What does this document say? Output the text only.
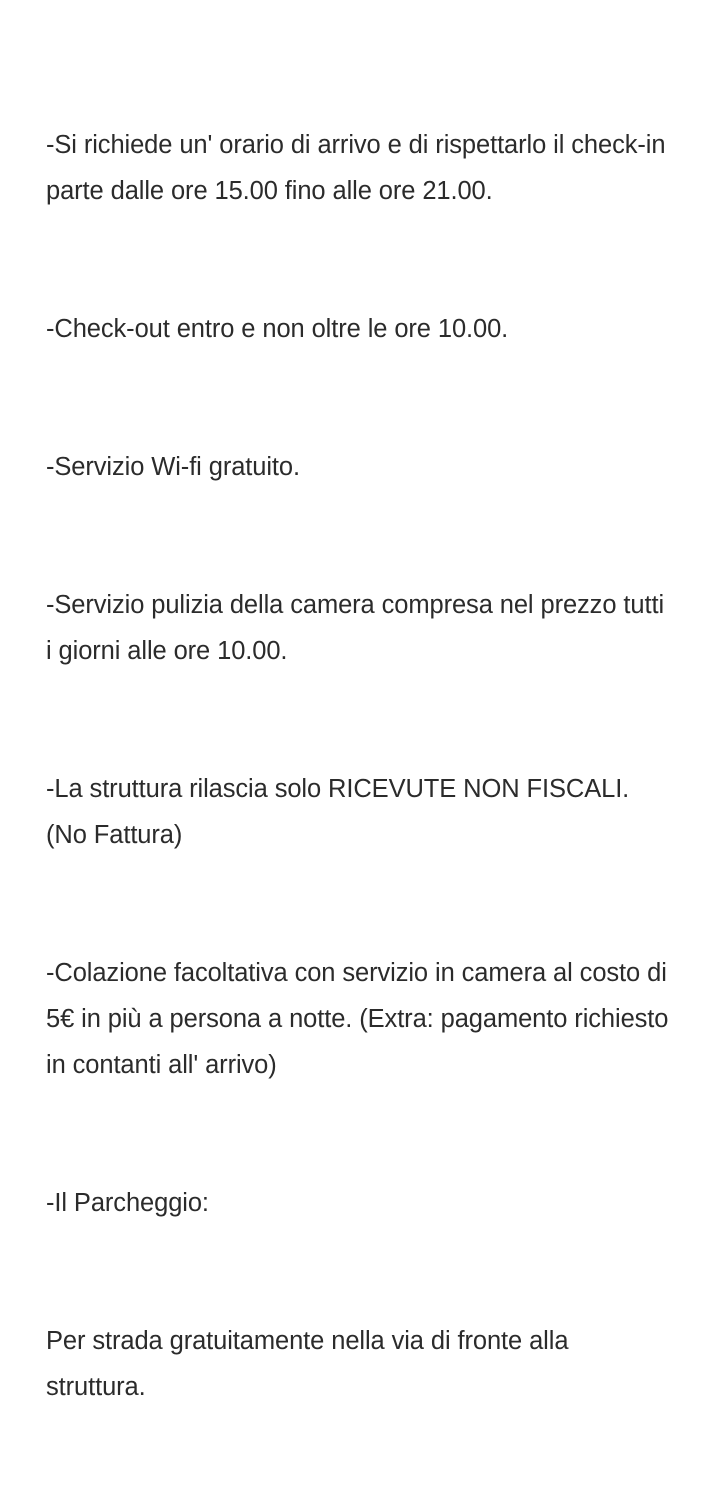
-Si richiede un' orario di arrivo e di rispettarlo il check-in parte dalle ore 15.00 fino alle ore 21.00.

-Check-out entro e non oltre le ore 10.00.

-Servizio Wi-fi gratuito.

-Servizio pulizia della camera compresa nel prezzo tutti i giorni alle ore 10.00.

-La struttura rilascia solo RICEVUTE NON FISCALI. (No Fattura)

-Colazione facoltativa con servizio in camera al costo di 5€ in più a persona a notte. (Extra: pagamento richiesto in contanti all' arrivo)

-Il Parcheggio:

Per strada gratuitamente nella via di fronte alla struttura.
